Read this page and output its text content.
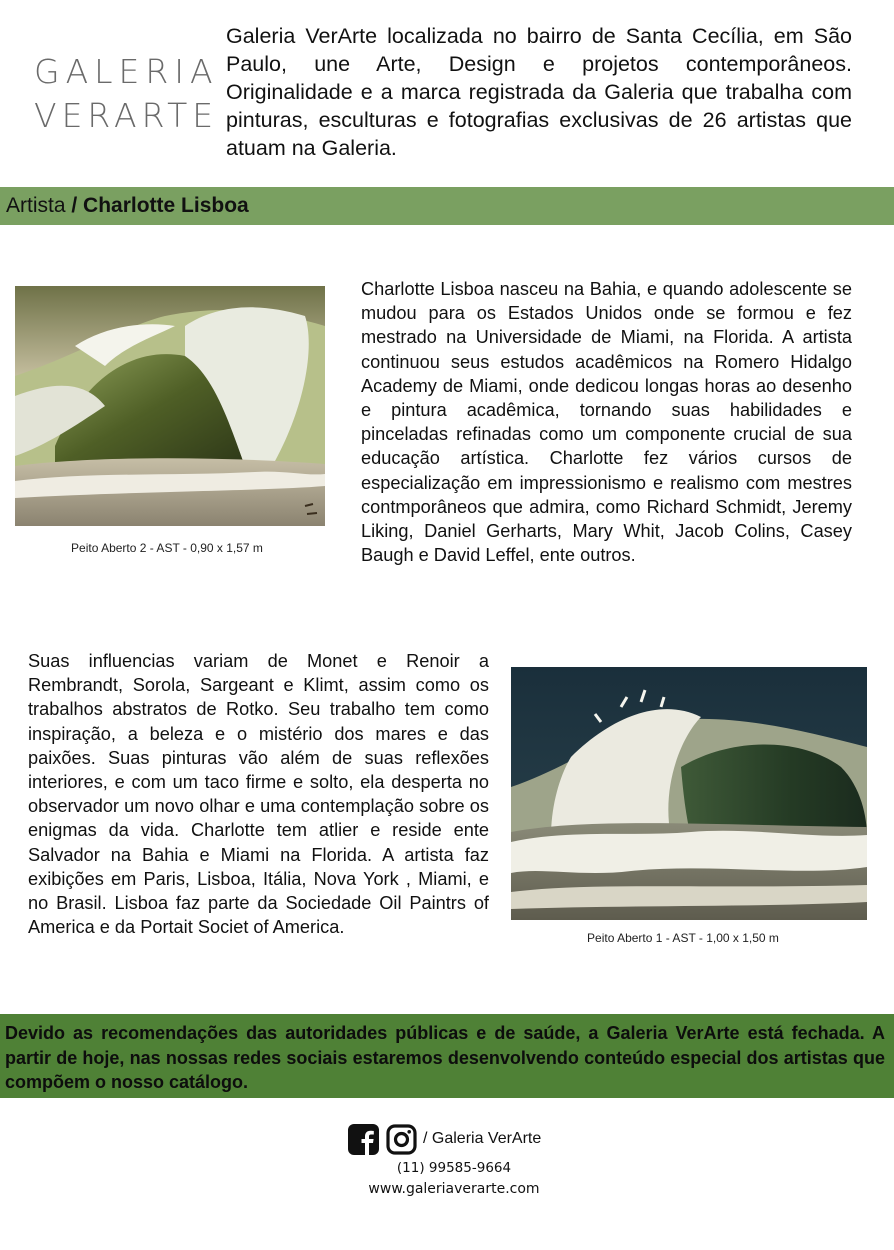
GALERIA
VERARTE
Galeria VerArte localizada no bairro de Santa Cecília, em São Paulo, une Arte, Design e projetos contemporâneos. Originalidade e a marca registrada da Galeria que trabalha com pinturas, esculturas e fotografias exclusivas de 26 artistas que atuam na Galeria.
Artista / Charlotte Lisboa
Peito Aberto 2 - AST - 0,90 x 1,57 m
Charlotte Lisboa nasceu na Bahia, e quando adolescente se mudou para os Estados Unidos onde se formou e fez mestrado na Universidade de Miami, na Florida. A artista continuou seus estudos acadêmicos na Romero Hidalgo Academy de Miami, onde dedicou longas horas ao desenho e pintura acadêmica, tornando suas habilidades e pinceladas refinadas como um componente crucial de sua educação artística. Charlotte fez vários cursos de especialização em impressionismo e realismo com mestres contmporâneos que admira, como Richard Schmidt, Jeremy Liking, Daniel Gerharts, Mary Whit, Jacob Colins, Casey Baugh e David Leffel, ente outros.
Suas influencias variam de Monet e Renoir a Rembrandt, Sorola, Sargeant e Klimt, assim como os trabalhos abstratos de Rotko. Seu trabalho tem como inspiração, a beleza e o mistério dos mares e das paixões. Suas pinturas vão além de suas reflexões interiores, e com um taco firme e solto, ela desperta no observador um novo olhar e uma contemplação sobre os enigmas da vida. Charlotte tem atlier e reside ente Salvador na Bahia e Miami na Florida. A artista faz exibições em Paris, Lisboa, Itália, Nova York , Miami, e no Brasil. Lisboa faz parte da Sociedade Oil Paintrs of America e da Portait Societ of America.
Peito Aberto 1 - AST - 1,00 x 1,50 m
Devido as recomendações das autoridades públicas e de saúde, a Galeria VerArte está fechada. A partir de hoje, nas nossas redes sociais estaremos desenvolvendo conteúdo especial dos artistas que compõem o nosso catálogo.
/ Galeria VerArte
(11) 99585-9664
www.galeriaverarte.com
